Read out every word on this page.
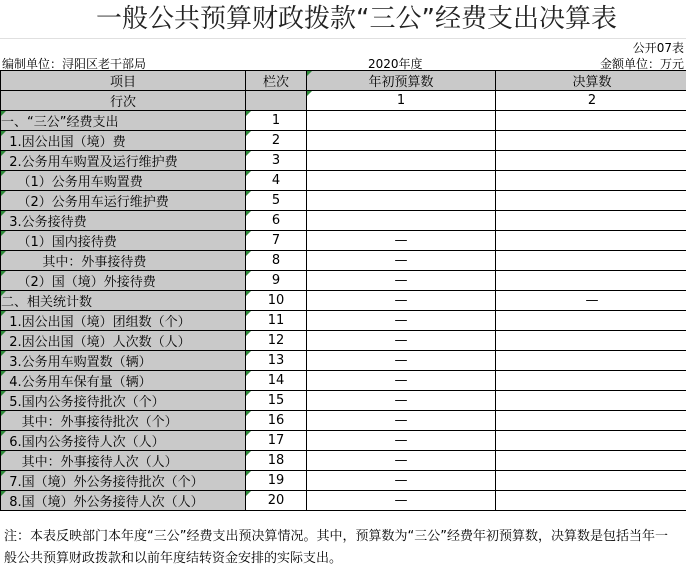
一般公共预算财政拨款“三公”经费支出决算表
公开07表
编制单位：浔阳区老干部局	2020年度	金额单位：万元
项目	栏次	年初预算数	决算数
行次		1	2
一、“三公”经费支出	1		
1.因公出国（境）费	2		
2.公务用车购置及运行维护费	3		
（1）公务用车购置费	4		
（2）公务用车运行维护费	5		
3.公务接待费	6		
（1）国内接待费	7	—	
其中：外事接待费	8	—	
（2）国（境）外接待费	9	—	
二、相关统计数	10	—	—
1.因公出国（境）团组数（个）	11	—	
2.因公出国（境）人次数（人）	12	—	
3.公务用车购置数（辆）	13	—	
4.公务用车保有量（辆）	14	—	
5.国内公务接待批次（个）	15	—	
其中：外事接待批次（个）	16	—	
6.国内公务接待人次（人）	17	—	
其中：外事接待人次（人）	18	—	
7.国（境）外公务接待批次（个）	19	—	
8.国（境）外公务接待人次（人）	20	—	
注：本表反映部门本年度“三公”经费支出预决算情况。其中，预算数为“三公”经费年初预算数，决算数是包括当年一般公共预算财政拨款和以前年度结转资金安排的实际支出。
